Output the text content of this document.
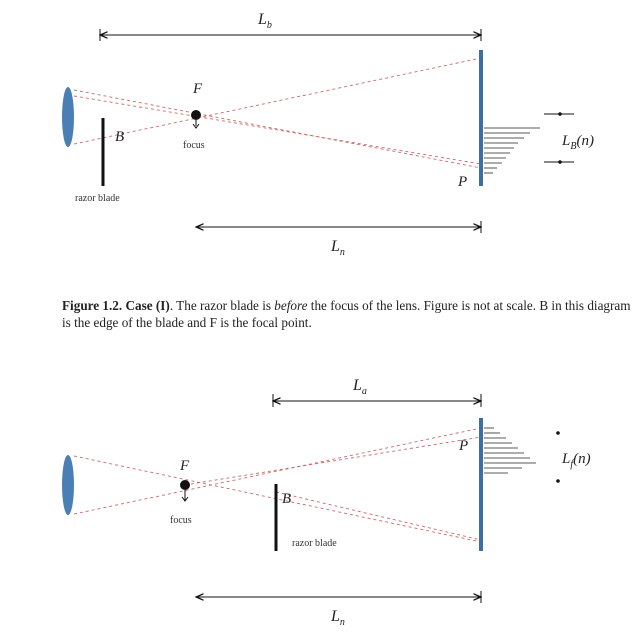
$L_b$
B
F
focus
razor blade
P
$L_B(n)$
$L_n$
$L_a$
F
focus
B
razor blade
P
$L_f(n)$
$L_n$
Figure 1.2. Case (I). The razor blade is before the focus of the lens. Figure is not at scale. B in this diagram is the edge of the blade and F is the focal point.
